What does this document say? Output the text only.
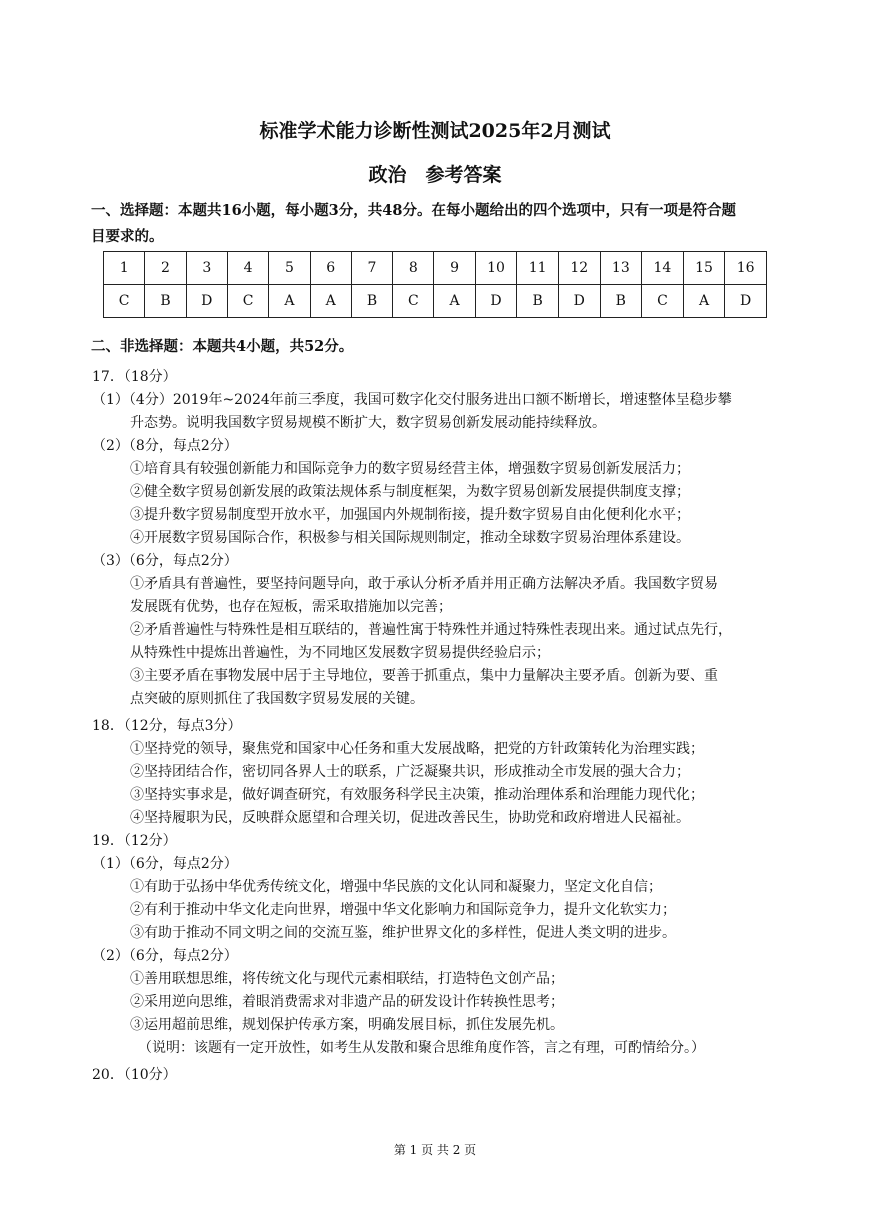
标准学术能力诊断性测试2025年2月测试
政治　参考答案
一、选择题：本题共16小题，每小题3分，共48分。在每小题给出的四个选项中，只有一项是符合题
目要求的。
1	2	3	4	5	6	7	8	9	10	11	12	13	14	15	16
C	B	D	C	A	A	B	C	A	D	B	D	B	C	A	D
二、非选择题：本题共4小题，共52分。
17．（18分）
（1）（4分）2019年~2024年前三季度，我国可数字化交付服务进出口额不断增长，增速整体呈稳步攀
升态势。说明我国数字贸易规模不断扩大，数字贸易创新发展动能持续释放。
（2）（8分，每点2分）
①培育具有较强创新能力和国际竞争力的数字贸易经营主体，增强数字贸易创新发展活力；
②健全数字贸易创新发展的政策法规体系与制度框架，为数字贸易创新发展提供制度支撑；
③提升数字贸易制度型开放水平，加强国内外规制衔接，提升数字贸易自由化便利化水平；
④开展数字贸易国际合作，积极参与相关国际规则制定，推动全球数字贸易治理体系建设。
（3）（6分，每点2分）
①矛盾具有普遍性，要坚持问题导向，敢于承认分析矛盾并用正确方法解决矛盾。我国数字贸易
发展既有优势，也存在短板，需采取措施加以完善；
②矛盾普遍性与特殊性是相互联结的，普遍性寓于特殊性并通过特殊性表现出来。通过试点先行，
从特殊性中提炼出普遍性，为不同地区发展数字贸易提供经验启示；
③主要矛盾在事物发展中居于主导地位，要善于抓重点，集中力量解决主要矛盾。创新为要、重
点突破的原则抓住了我国数字贸易发展的关键。
18．（12分，每点3分）
①坚持党的领导，聚焦党和国家中心任务和重大发展战略，把党的方针政策转化为治理实践；
②坚持团结合作，密切同各界人士的联系，广泛凝聚共识，形成推动全市发展的强大合力；
③坚持实事求是，做好调查研究，有效服务科学民主决策，推动治理体系和治理能力现代化；
④坚持履职为民，反映群众愿望和合理关切，促进改善民生，协助党和政府增进人民福祉。
19．（12分）
（1）（6分，每点2分）
①有助于弘扬中华优秀传统文化，增强中华民族的文化认同和凝聚力，坚定文化自信；
②有利于推动中华文化走向世界，增强中华文化影响力和国际竞争力，提升文化软实力；
③有助于推动不同文明之间的交流互鉴，维护世界文化的多样性，促进人类文明的进步。
（2）（6分，每点2分）
①善用联想思维，将传统文化与现代元素相联结，打造特色文创产品；
②采用逆向思维，着眼消费需求对非遗产品的研发设计作转换性思考；
③运用超前思维，规划保护传承方案，明确发展目标，抓住发展先机。
（说明：该题有一定开放性，如考生从发散和聚合思维角度作答，言之有理，可酌情给分。）
20．（10分）
第 1 页 共 2 页
